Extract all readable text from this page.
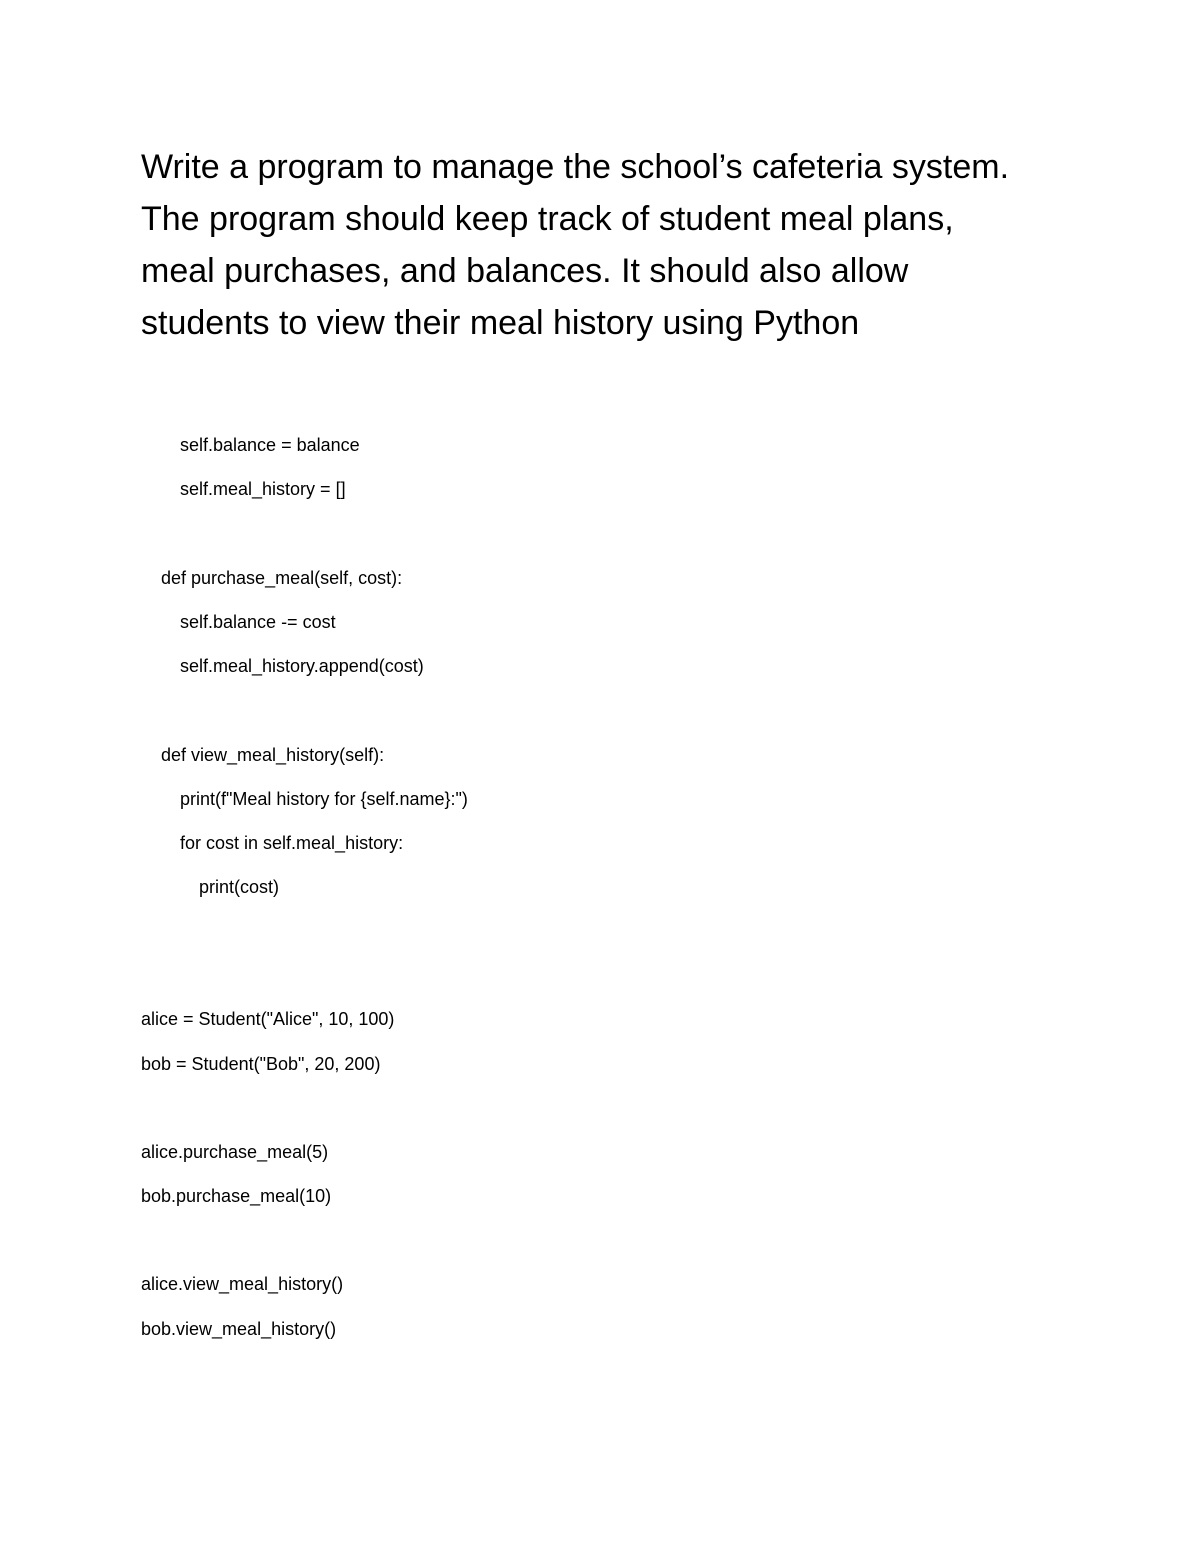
Write a program to manage the school’s cafeteria system.
The program should keep track of student meal plans,
meal purchases, and balances. It should also allow
students to view their meal history using Python
self.balance = balance
self.meal_history = []
def purchase_meal(self, cost):
self.balance -= cost
self.meal_history.append(cost)
def view_meal_history(self):
print(f"Meal history for {self.name}:")
for cost in self.meal_history:
print(cost)
alice = Student("Alice", 10, 100)
bob = Student("Bob", 20, 200)
alice.purchase_meal(5)
bob.purchase_meal(10)
alice.view_meal_history()
bob.view_meal_history()
